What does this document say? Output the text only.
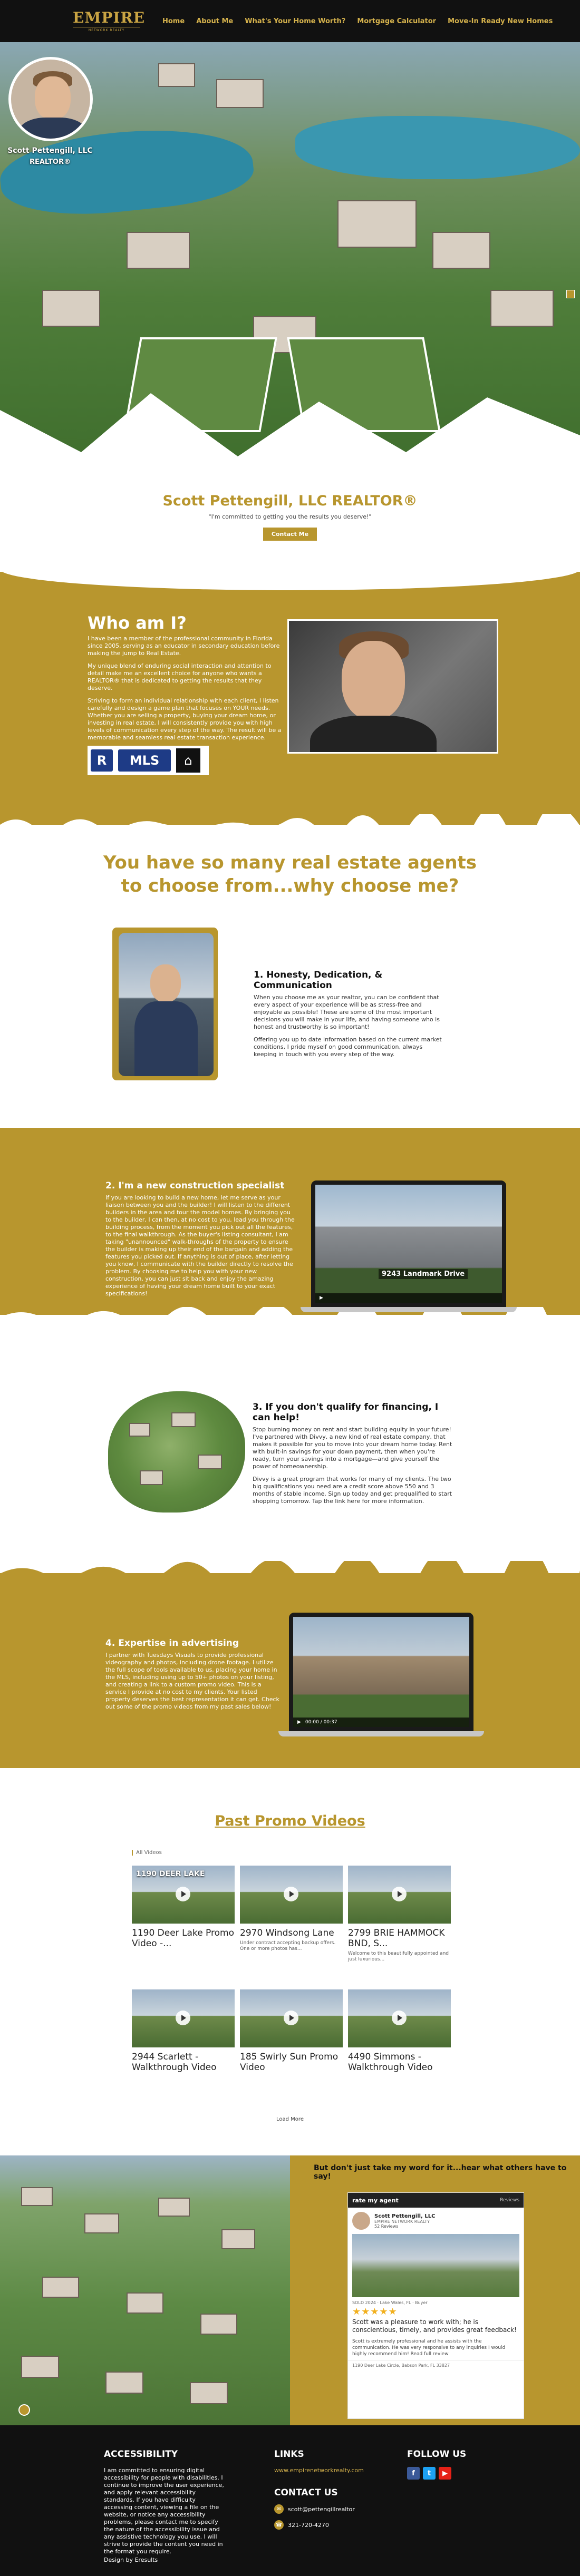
EMPIRE
NETWORK REALTY
Home About Me What's Your Home Worth? Mortgage Calculator Move-In Ready New Homes
Scott Pettengill, LLC
REALTOR®
Scott Pettengill, LLC REALTOR®
"I'm committed to getting you the results you deserve!"
Contact Me
Who am I?

I have been a member of the professional community in Florida since 2005, serving as an educator in secondary education before making the jump to Real Estate.

My unique blend of enduring social interaction and attention to detail make me an excellent choice for anyone who wants a REALTOR® that is dedicated to getting the results that they deserve.

Striving to form an individual relationship with each client, I listen carefully and design a game plan that focuses on YOUR needs. Whether you are selling a property, buying your dream home, or investing in real estate, I will consistently provide you with high levels of communication every step of the way. The result will be a memorable and seamless real estate transaction experience.

R	MLS	⌂
You have so many real estate agents
to choose from...why choose me?
1. Honesty, Dedication, & Communication

When you choose me as your realtor, you can be confident that every aspect of your experience will be as stress-free and enjoyable as possible! These are some of the most important decisions you will make in your life, and having someone who is honest and trustworthy is so important!

Offering you up to date information based on the current market conditions, I pride myself on good communication, always keeping in touch with you every step of the way.

2. I'm a new construction specialist

If you are looking to build a new home, let me serve as your liaison between you and the builder! I will listen to the different builders in the area and tour the model homes. By bringing you to the builder, I can then, at no cost to you, lead you through the building process, from the moment you pick out all the features, to the final walkthrough. As the buyer's listing consultant, I am taking "unannounced" walk-throughs of the property to ensure the builder is making up their end of the bargain and adding the features you picked out. If anything is out of place, after letting you know, I communicate with the builder directly to resolve the problem. By choosing me to help you with your new construction, you can just sit back and enjoy the amazing experience of having your dream home built to your exact specifications!

9243 Landmark Drive
▶
3. If you don't qualify for financing, I can help!

Stop burning money on rent and start building equity in your future! I've partnered with Divvy, a new kind of real estate company, that makes it possible for you to move into your dream home today. Rent with built-in savings for your down payment, then when you're ready, turn your savings into a mortgage—and give yourself the power of homeownership.

Divvy is a great program that works for many of my clients. The two big qualifications you need are a credit score above 550 and 3 months of stable income. Sign up today and get prequalified to start shopping tomorrow. Tap the link here for more information.

4. Expertise in advertising

I partner with Tuesdays Visuals to provide professional videography and photos, including drone footage. I utilize the full scope of tools available to us, placing your home in the MLS, including using up to 50+ photos on your listing, and creating a link to a custom promo video. This is a service I provide at no cost to my clients. Your listed property deserves the best representation it can get. Check out some of the promo videos from my past sales below!

▶ 00:00 / 00:37
Past Promo Videos
All Videos
1190 DEER LAKE
1190 Deer Lake Promo Video -...
2970 Windsong Lane
Under contract accepting backup offers. One or more photos has...
2799 BRIE HAMMOCK BND, S...
Welcome to this beautifully appointed and just luxurious...
2944 Scarlett - Walkthrough Video
185 Swirly Sun Promo Video
4490 Simmons - Walkthrough Video
Load More
But don't just take my word for it...hear what others have to say!
rate my agent	Reviews
Scott Pettengill, LLC
EMPIRE NETWORK REALTY
52 Reviews
SOLD 2024 · Lake Wales, FL · Buyer
★★★★★
Scott was a pleasure to work with; he is conscientious, timely, and provides great feedback!
Scott is extremely professional and he assists with the communication. He was very responsive to any inquiries I would highly recommend him! Read full review
1190 Deer Lake Circle, Babson Park, FL 33827
ACCESSIBILITY
I am committed to ensuring digital accessibility for people with disabilities. I continue to improve the user experience, and apply relevant accessibility standards. If you have difficulty accessing content, viewing a file on the website, or notice any accessibility problems, please contact me to specify the nature of the accessibility issue and any assistive technology you use. I will strive to provide the content you need in the format you require.
Design by Eresults
LINKS
www.empirenetworkrealty.com
CONTACT US
✉	scott@pettengillrealtor
☎ 321-720-4270
FOLLOW US
f	t	▶
